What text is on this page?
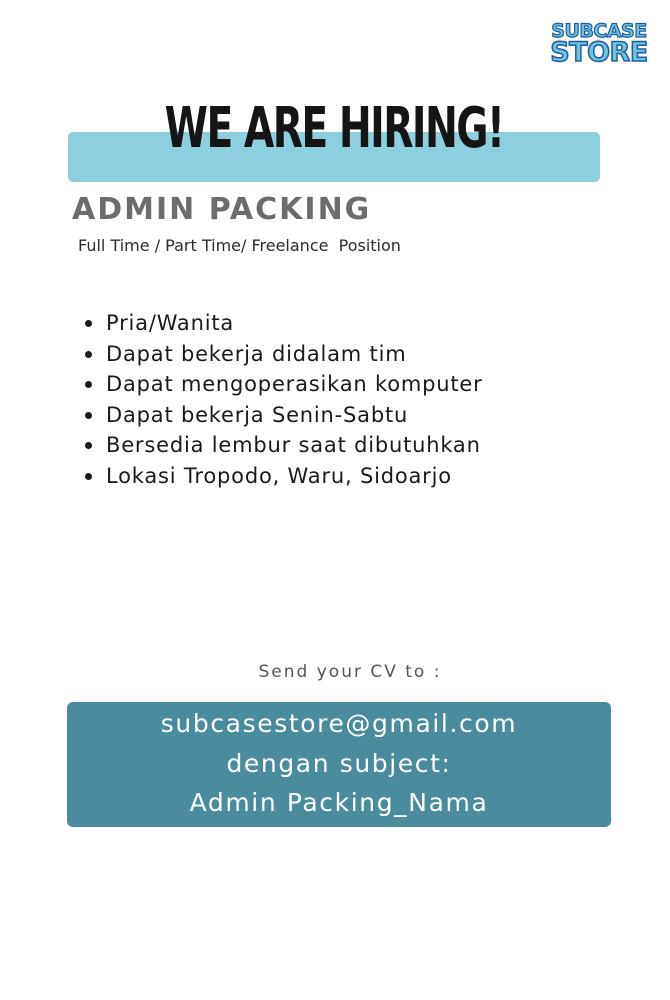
SUBCASE
STORE
WE ARE HIRING!
ADMIN PACKING
Full Time / Part Time/ Freelance  Position
Pria/Wanita
Dapat bekerja didalam tim
Dapat mengoperasikan komputer
Dapat bekerja Senin-Sabtu
Bersedia lembur saat dibutuhkan
Lokasi Tropodo, Waru, Sidoarjo
Send your CV to :
subcasestore@gmail.com
dengan subject:
Admin Packing_Nama
